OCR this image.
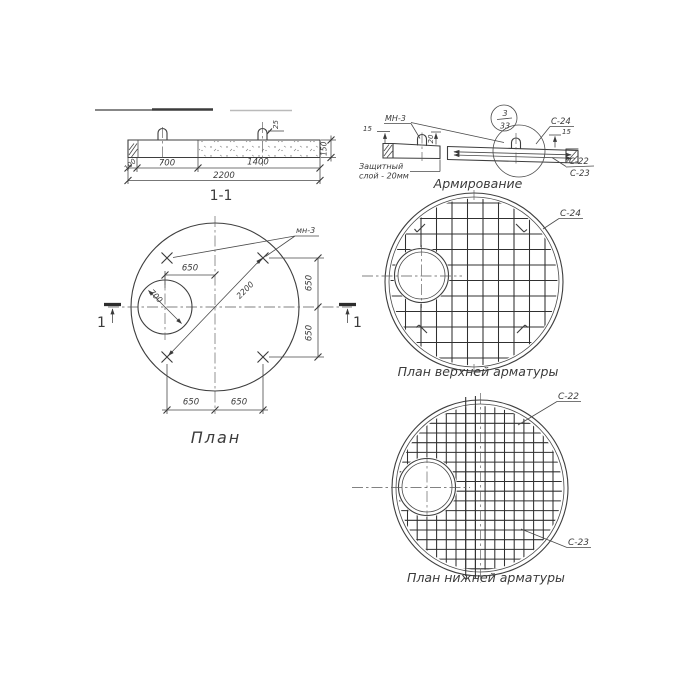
25
150
100 700	1400
2200
1-1
15
20
3
33
МН-3	С-24
15
С-22
С-23
Защитный
слой - 20мм Армирование
700	2200
мн-3
650
650
650
650	650
1	1
План
С-24
План верхней арматуры
С-22
С-23
План нижней арматуры
